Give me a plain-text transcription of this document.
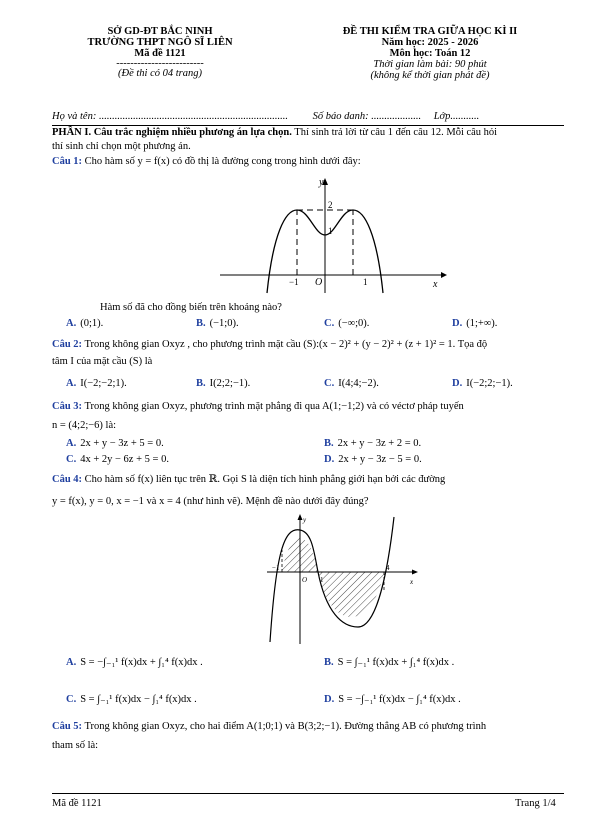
SỞ GD-ĐT BẮC NINH
TRƯỜNG THPT NGÔ SĨ LIÊN
Mã đề 1121
-------------------------
(Đề thi có 04 trang)
ĐỀ THI KIỂM TRA GIỮA HỌC KÌ II
Năm học: 2025 - 2026
Môn học: Toán 12
Thời gian làm bài: 90 phút
(không kể thời gian phát đề)
Họ và tên: ........................................................................ Số báo danh: ................... Lớp...........
PHẦN I. Câu trắc nghiệm nhiều phương án lựa chọn. Thí sinh trả lời từ câu 1 đến câu 12. Mỗi câu hỏi
thí sinh chỉ chọn một phương án.
Câu 1: Cho hàm số y = f(x) có đồ thị là đường cong trong hình dưới đây:
y
x
O
−1	1
2
1
Hàm số đã cho đồng biến trên khoảng nào?
A. (0;1).	B. (−1;0).	C. (−∞;0).	D. (1;+∞).
Câu 2: Trong không gian Oxyz , cho phương trình mặt cầu (S):(x − 2)² + (y − 2)² + (z + 1)² = 1. Tọa độ
tâm I của mặt cầu (S) là
A. I(−2;−2;1).	B. I(2;2;−1).	C. I(4;4;−2).	D. I(−2;2;−1).
Câu 3: Trong không gian Oxyz, phương trình mặt phẳng đi qua A(1;−1;2) và có véctơ pháp tuyến
n = (4;2;−6) là:
A. 2x + y − 3z + 5 = 0.	B. 2x + y − 3z + 2 = 0.
C. 4x + 2y − 6z + 5 = 0.	D. 2x + y − 3z − 5 = 0.
Câu 4: Cho hàm số f(x) liên tục trên ℝ. Gọi S là diện tích hình phẳng giới hạn bởi các đường
y = f(x), y = 0, x = −1 và x = 4 (như hình vẽ). Mệnh đề nào dưới đây đúng?
y
x
O
−1
1
4
A. S = −∫₋₁¹ f(x)dx + ∫₁⁴ f(x)dx .	B. S = ∫₋₁¹ f(x)dx + ∫₁⁴ f(x)dx .
C. S = ∫₋₁¹ f(x)dx − ∫₁⁴ f(x)dx .	D. S = −∫₋₁¹ f(x)dx − ∫₁⁴ f(x)dx .
Câu 5: Trong không gian Oxyz, cho hai điểm A(1;0;1) và B(3;2;−1). Đường thẳng AB có phương trình
tham số là:
Mã đề 1121	Trang 1/4
